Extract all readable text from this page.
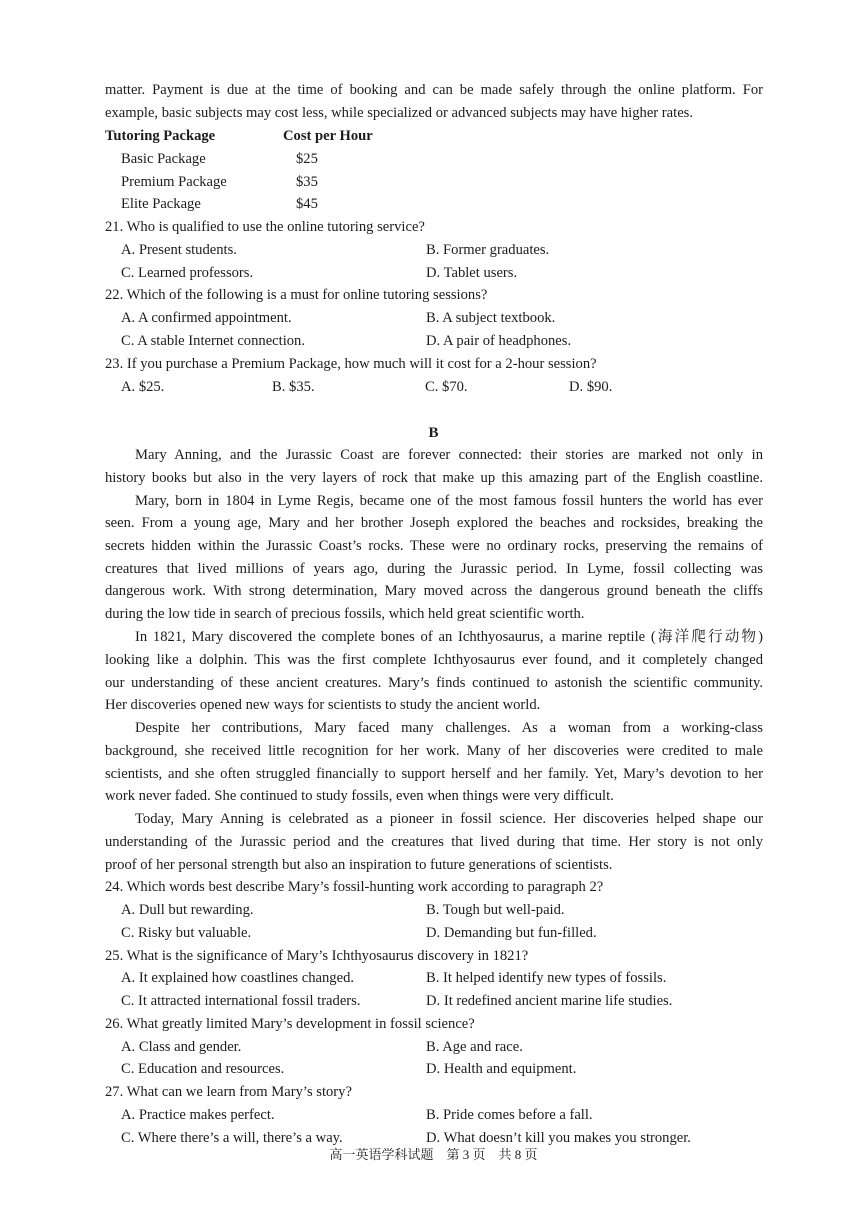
matter. Payment is due at the time of booking and can be made safely through the online platform. For
example, basic subjects may cost less, while specialized or advanced subjects may have higher rates.
Tutoring Package	Cost per Hour
Basic Package	$25
Premium Package	$35
Elite Package	$45
21. Who is qualified to use the online tutoring service?
A. Present students.	B. Former graduates.
C. Learned professors.	D. Tablet users.
22. Which of the following is a must for online tutoring sessions?
A. A confirmed appointment.	B. A subject textbook.
C. A stable Internet connection.	D. A pair of headphones.
23. If you purchase a Premium Package, how much will it cost for a 2-hour session?
A. $25.	B. $35.	C. $70.	D. $90.
B
Mary Anning, and the Jurassic Coast are forever connected: their stories are marked not only in
history books but also in the very layers of rock that make up this amazing part of the English coastline.
Mary, born in 1804 in Lyme Regis, became one of the most famous fossil hunters the world has ever
seen. From a young age, Mary and her brother Joseph explored the beaches and rocksides, breaking the
secrets hidden within the Jurassic Coast’s rocks. These were no ordinary rocks, preserving the remains of
creatures that lived millions of years ago, during the Jurassic period. In Lyme, fossil collecting was
dangerous work. With strong determination, Mary moved across the dangerous ground beneath the cliffs
during the low tide in search of precious fossils, which held great scientific worth.
In 1821, Mary discovered the complete bones of an Ichthyosaurus, a marine reptile (海洋爬行动物)
looking like a dolphin. This was the first complete Ichthyosaurus ever found, and it completely changed
our understanding of these ancient creatures. Mary’s finds continued to astonish the scientific community.
Her discoveries opened new ways for scientists to study the ancient world.
Despite her contributions, Mary faced many challenges. As a woman from a working-class
background, she received little recognition for her work. Many of her discoveries were credited to male
scientists, and she often struggled financially to support herself and her family. Yet, Mary’s devotion to her
work never faded. She continued to study fossils, even when things were very difficult.
Today, Mary Anning is celebrated as a pioneer in fossil science. Her discoveries helped shape our
understanding of the Jurassic period and the creatures that lived during that time. Her story is not only
proof of her personal strength but also an inspiration to future generations of scientists.
24. Which words best describe Mary’s fossil-hunting work according to paragraph 2?
A. Dull but rewarding.	B. Tough but well-paid.
C. Risky but valuable.	D. Demanding but fun-filled.
25. What is the significance of Mary’s Ichthyosaurus discovery in 1821?
A. It explained how coastlines changed.	B. It helped identify new types of fossils.
C. It attracted international fossil traders.	D. It redefined ancient marine life studies.
26. What greatly limited Mary’s development in fossil science?
A. Class and gender.	B. Age and race.
C. Education and resources.	D. Health and equipment.
27. What can we learn from Mary’s story?
A. Practice makes perfect.	B. Pride comes before a fall.
C. Where there’s a will, there’s a way.	D. What doesn’t kill you makes you stronger.
高一英语学科试题　第 3 页　共 8 页
